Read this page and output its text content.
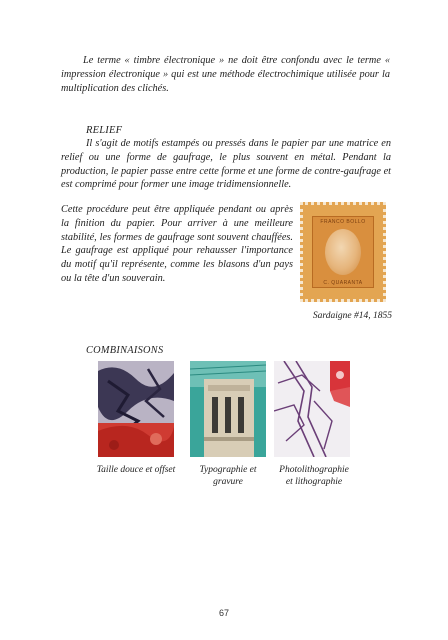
Le terme « timbre électronique » ne doit être confondu avec le terme « impression électronique » qui est une méthode électrochimique utilisée pour la multiplication des clichés.

RELIEF

Il s'agit de motifs estampés ou pressés dans le papier par une matrice en relief ou une forme de gaufrage, le plus souvent en métal. Pendant la production, le papier passe entre cette forme et une forme de contre-gaufrage et est comprimé pour former une image tridimensionnelle.

Cette procédure peut être appliquée pendant ou après la finition du papier. Pour arriver à une meilleure stabilité, les formes de gaufrage sont souvent chauffées. Le gaufrage est appliqué pour rehausser l'importance du motif qu'il représente, comme les blasons d'un pays ou la tête d'un souverain.

FRANCO BOLLO
C. QUARANTA

Sardaigne #14, 1855

COMBINAISONS

Taille douce et offset	Typographie et
gravure

Photolithographie
et lithographie

67
